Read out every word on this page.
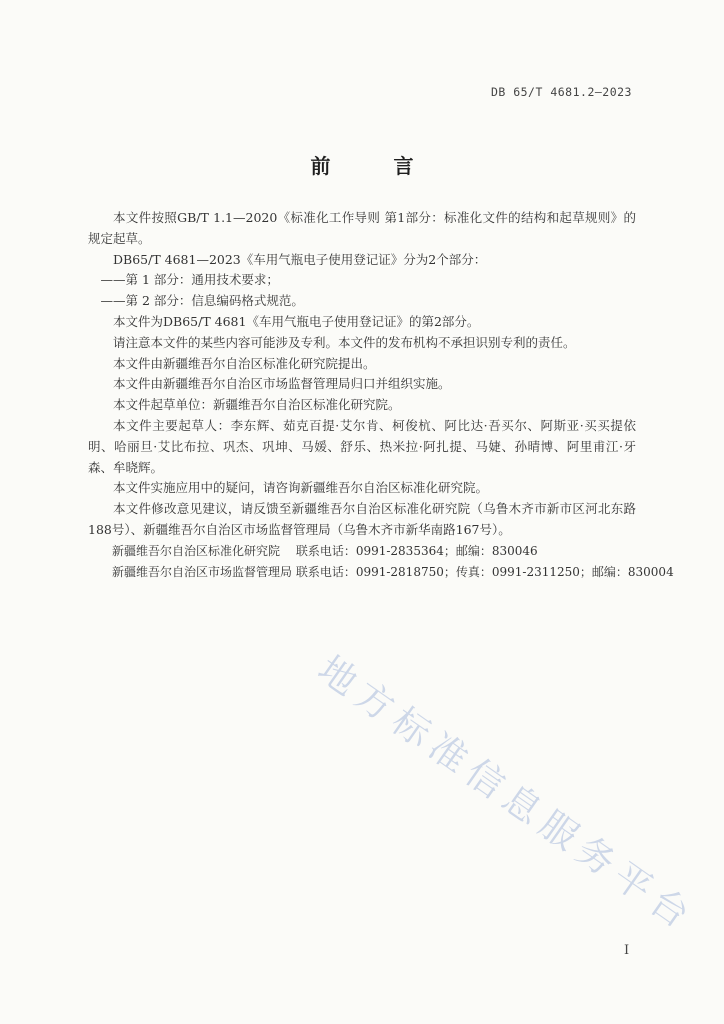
DB 65/T 4681.2—2023
前 言

本文件按照GB/T 1.1—2020《标准化工作导则 第1部分：标准化文件的结构和起草规则》的规定起草。

DB65/T 4681—2023《车用气瓶电子使用登记证》分为2个部分：

——第 1 部分：通用技术要求；

——第 2 部分：信息编码格式规范。

本文件为DB65/T 4681《车用气瓶电子使用登记证》的第2部分。

请注意本文件的某些内容可能涉及专利。本文件的发布机构不承担识别专利的责任。

本文件由新疆维吾尔自治区标准化研究院提出。

本文件由新疆维吾尔自治区市场监督管理局归口并组织实施。

本文件起草单位：新疆维吾尔自治区标准化研究院。

本文件主要起草人：李东辉、茹克百提·艾尔肯、柯俊杭、阿比达·吾买尔、阿斯亚·买买提依明、哈丽旦·艾比布拉、巩杰、巩坤、马媛、舒乐、热米拉·阿扎提、马婕、孙晴博、阿里甫江·牙森、牟晓辉。

本文件实施应用中的疑问，请咨询新疆维吾尔自治区标准化研究院。

本文件修改意见建议，请反馈至新疆维吾尔自治区标准化研究院（乌鲁木齐市新市区河北东路188号）、新疆维吾尔自治区市场监督管理局（乌鲁木齐市新华南路167号）。

新疆维吾尔自治区标准化研究院　 联系电话：0991-2835364；邮编：830046

新疆维吾尔自治区市场监督管理局 联系电话：0991-2818750；传真：0991-2311250；邮编：830004

地方标准信息服务平台
I
